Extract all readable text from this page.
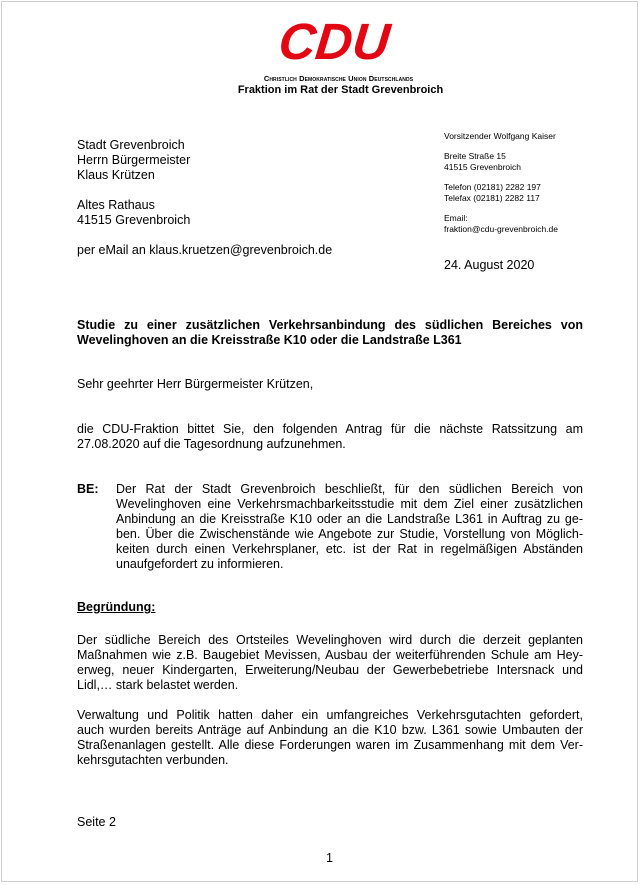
CDU
Christlich Demokratische Union Deutschlands
Fraktion im Rat der Stadt Grevenbroich
Stadt Grevenbroich
Herrn Bürgermeister
Klaus Krützen
Altes Rathaus
41515 Grevenbroich
per eMail an klaus.kruetzen@grevenbroich.de
Vorsitzender Wolfgang Kaiser
Breite Straße 15
41515 Grevenbroich
Telefon (02181) 2282 197
Telefax (02181) 2282 117
Email:
fraktion@cdu-grevenbroich.de
24. August 2020
Studie zu einer zusätzlichen Verkehrsanbindung des südlichen Bereiches von
Wevelinghoven an die Kreisstraße K10 oder die Landstraße L361
Sehr geehrter Herr Bürgermeister Krützen,
die CDU-Fraktion bittet Sie, den folgenden Antrag für die nächste Ratssitzung am
27.08.2020 auf die Tagesordnung aufzunehmen.
BE: Der Rat der Stadt Grevenbroich beschließt, für den südlichen Bereich von
Wevelinghoven eine Verkehrsmachbarkeitsstudie mit dem Ziel einer zusätzlichen
Anbindung an die Kreisstraße K10 oder an die Landstraße L361 in Auftrag zu ge-
ben. Über die Zwischenstände wie Angebote zur Studie, Vorstellung von Möglich-
keiten durch einen Verkehrsplaner, etc. ist der Rat in regelmäßigen Abständen
unaufgefordert zu informieren.
Begründung:
Der südliche Bereich des Ortsteiles Wevelinghoven wird durch die derzeit geplanten
Maßnahmen wie z.B. Baugebiet Mevissen, Ausbau der weiterführenden Schule am Hey-
erweg, neuer Kindergarten, Erweiterung/Neubau der Gewerbebetriebe Intersnack und
Lidl,… stark belastet werden.
Verwaltung und Politik hatten daher ein umfangreiches Verkehrsgutachten gefordert,
auch wurden bereits Anträge auf Anbindung an die K10 bzw. L361 sowie Umbauten der
Straßenanlagen gestellt. Alle diese Forderungen waren im Zusammenhang mit dem Ver-
kehrsgutachten verbunden.
Seite 2
1
